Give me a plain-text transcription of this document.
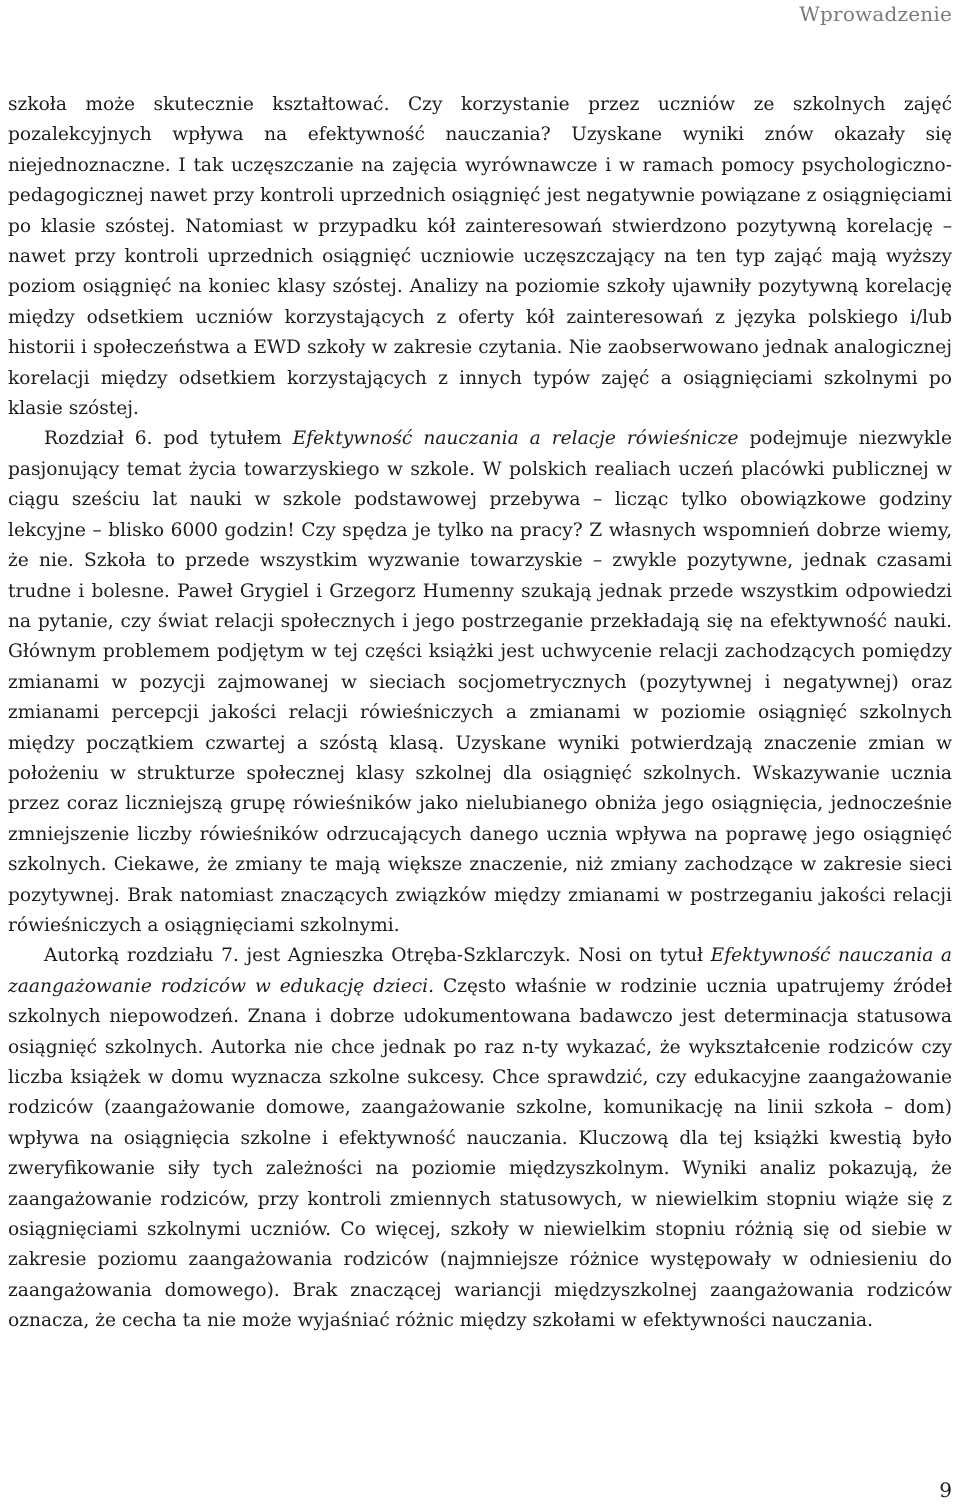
Wprowadzenie

szkoła może skutecznie kształtować. Czy korzystanie przez uczniów ze szkolnych zajęć pozalekcyjnych wpływa na efektywność nauczania? Uzyskane wyniki znów okazały się niejednoznaczne. I tak uczęszczanie na zajęcia wyrównawcze i w ramach pomocy psychologiczno-pedagogicznej nawet przy kontroli uprzednich osiągnięć jest negatywnie powiązane z osiągnięciami po klasie szóstej. Natomiast w przypadku kół zainteresowań stwierdzono pozytywną korelację – nawet przy kontroli uprzednich osiągnięć uczniowie uczęszczający na ten typ zająć mają wyższy poziom osiągnięć na koniec klasy szóstej. Analizy na poziomie szkoły ujawniły pozytywną korelację między odsetkiem uczniów korzystających z oferty kół zainteresowań z języka polskiego i/lub historii i społeczeństwa a EWD szkoły w zakresie czytania. Nie zaobserwowano jednak analogicznej korelacji między odsetkiem korzystających z innych typów zajęć a osiągnięciami szkolnymi po klasie szóstej.

Rozdział 6. pod tytułem Efektywność nauczania a relacje rówieśnicze podejmuje niezwykle pasjonujący temat życia towarzyskiego w szkole. W polskich realiach uczeń placówki publicznej w ciągu sześciu lat nauki w szkole podstawowej przebywa – licząc tylko obowiązkowe godziny lekcyjne – blisko 6000 godzin! Czy spędza je tylko na pracy? Z własnych wspomnień dobrze wiemy, że nie. Szkoła to przede wszystkim wyzwanie towarzyskie – zwykle pozytywne, jednak czasami trudne i bolesne. Paweł Grygiel i Grzegorz Humenny szukają jednak przede wszystkim odpowiedzi na pytanie, czy świat relacji społecznych i jego postrzeganie przekładają się na efektywność nauki. Głównym problemem podjętym w tej części książki jest uchwycenie relacji zachodzących pomiędzy zmianami w pozycji zajmowanej w sieciach socjometrycznych (pozytywnej i negatywnej) oraz zmianami percepcji jakości relacji rówieśniczych a zmianami w poziomie osiągnięć szkolnych między początkiem czwartej a szóstą klasą. Uzyskane wyniki potwierdzają znaczenie zmian w położeniu w strukturze społecznej klasy szkolnej dla osiągnięć szkolnych. Wskazywanie ucznia przez coraz liczniejszą grupę rówieśników jako nielubianego obniża jego osiągnięcia, jednocześnie zmniejszenie liczby rówieśników odrzucających danego ucznia wpływa na poprawę jego osiągnięć szkolnych. Ciekawe, że zmiany te mają większe znaczenie, niż zmiany zachodzące w zakresie sieci pozytywnej. Brak natomiast znaczących związków między zmianami w postrzeganiu jakości relacji rówieśniczych a osiągnięciami szkolnymi.

Autorką rozdziału 7. jest Agnieszka Otręba-Szklarczyk. Nosi on tytuł Efektywność nauczania a zaangażowanie rodziców w edukację dzieci. Często właśnie w rodzinie ucznia upatrujemy źródeł szkolnych niepowodzeń. Znana i dobrze udokumentowana badawczo jest determinacja statusowa osiągnięć szkolnych. Autorka nie chce jednak po raz n-ty wykazać, że wykształcenie rodziców czy liczba książek w domu wyznacza szkolne sukcesy. Chce sprawdzić, czy edukacyjne zaangażowanie rodziców (zaangażowanie domowe, zaangażowanie szkolne, komunikację na linii szkoła – dom) wpływa na osiągnięcia szkolne i efektywność nauczania. Kluczową dla tej książki kwestią było zweryfikowanie siły tych zależności na poziomie międzyszkolnym. Wyniki analiz pokazują, że zaangażowanie rodziców, przy kontroli zmiennych statusowych, w niewielkim stopniu wiąże się z osiągnięciami szkolnymi uczniów. Co więcej, szkoły w niewielkim stopniu różnią się od siebie w zakresie poziomu zaangażowania rodziców (najmniejsze różnice występowały w odniesieniu do zaangażowania domowego). Brak znaczącej wariancji międzyszkolnej zaangażowania rodziców oznacza, że cecha ta nie może wyjaśniać różnic między szkołami w efektywności nauczania.

9
